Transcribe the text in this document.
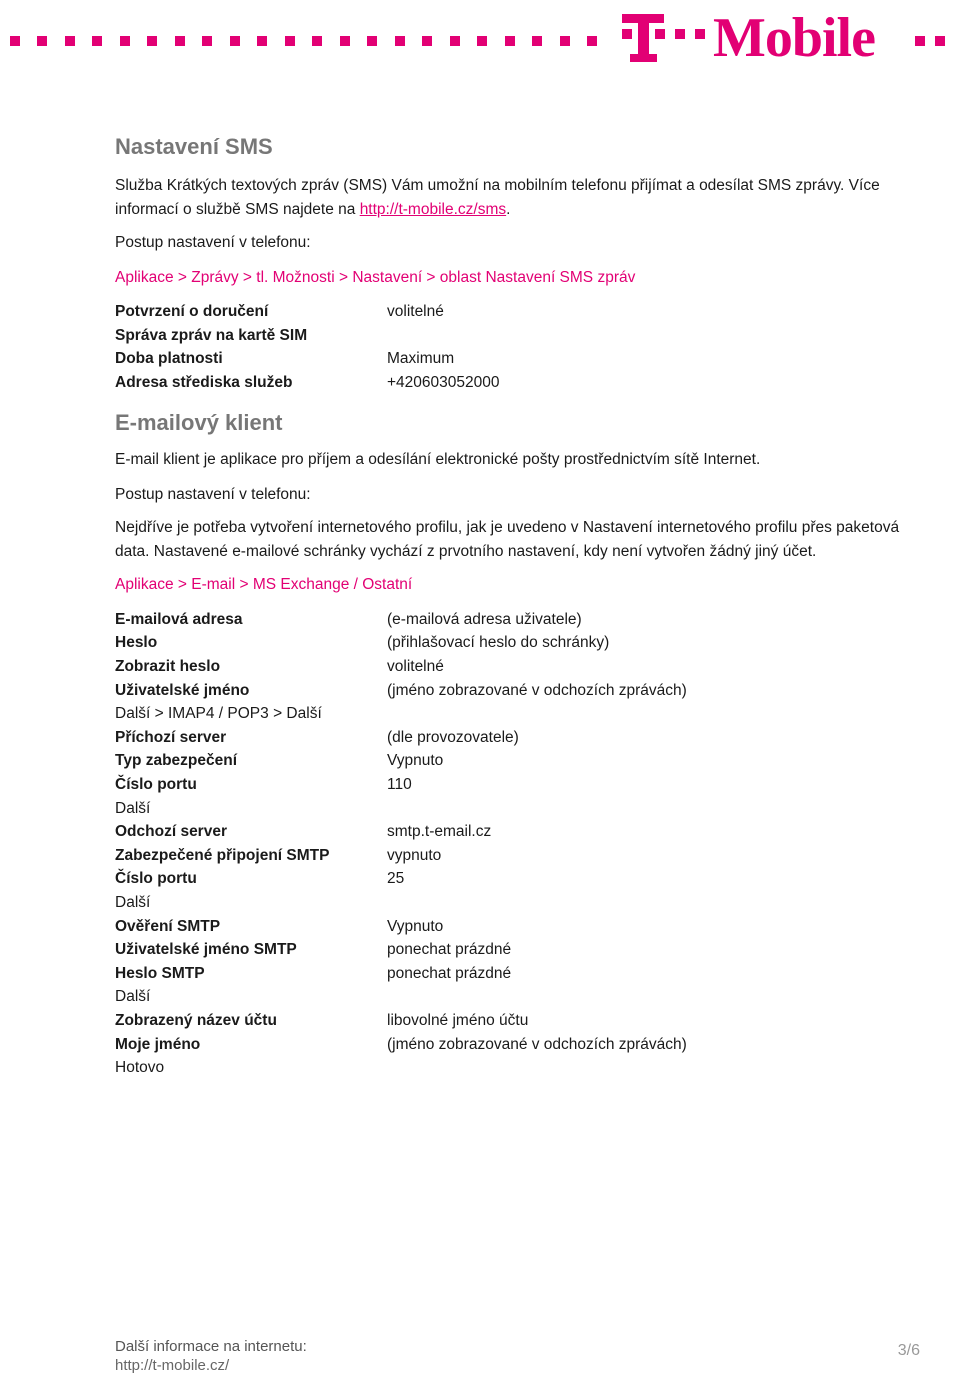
Mobile
Nastavení SMS

Služba Krátkých textových zpráv (SMS) Vám umožní na mobilním telefonu přijímat a odesílat SMS zprávy. Více informací o službě SMS najdete na http://t-mobile.cz/sms.

Postup nastavení v telefonu:

Aplikace > Zprávy > tl. Možnosti > Nastavení > oblast Nastavení SMS zpráv

Potvrzení o doručení	volitelné
Správa zpráv na kartě SIM
Doba platnosti	Maximum
Adresa střediska služeb	+420603052000
E-mailový klient

E-mail klient je aplikace pro příjem a odesílání elektronické pošty prostřednictvím sítě Internet.

Postup nastavení v telefonu:

Nejdříve je potřeba vytvoření internetového profilu, jak je uvedeno v Nastavení internetového profilu přes paketová data. Nastavené e-mailové schránky vychází z prvotního nastavení, kdy není vytvořen žádný jiný účet.

Aplikace > E-mail > MS Exchange / Ostatní

E-mailová adresa	(e-mailová adresa uživatele)
Heslo	(přihlašovací heslo do schránky)
Zobrazit heslo	volitelné
Uživatelské jméno	(jméno zobrazované v odchozích zprávách)
Další > IMAP4 / POP3 > Další
Příchozí server	(dle provozovatele)
Typ zabezpečení	Vypnuto
Číslo portu	110
Další
Odchozí server	smtp.t-email.cz
Zabezpečené připojení SMTP	vypnuto
Číslo portu	25
Další
Ověření SMTP	Vypnuto
Uživatelské jméno SMTP	ponechat prázdné
Heslo SMTP	ponechat prázdné
Další
Zobrazený název účtu	libovolné jméno účtu
Moje jméno	(jméno zobrazované v odchozích zprávách)
Hotovo
Další informace na internetu:
http://t-mobile.cz/
3/6
